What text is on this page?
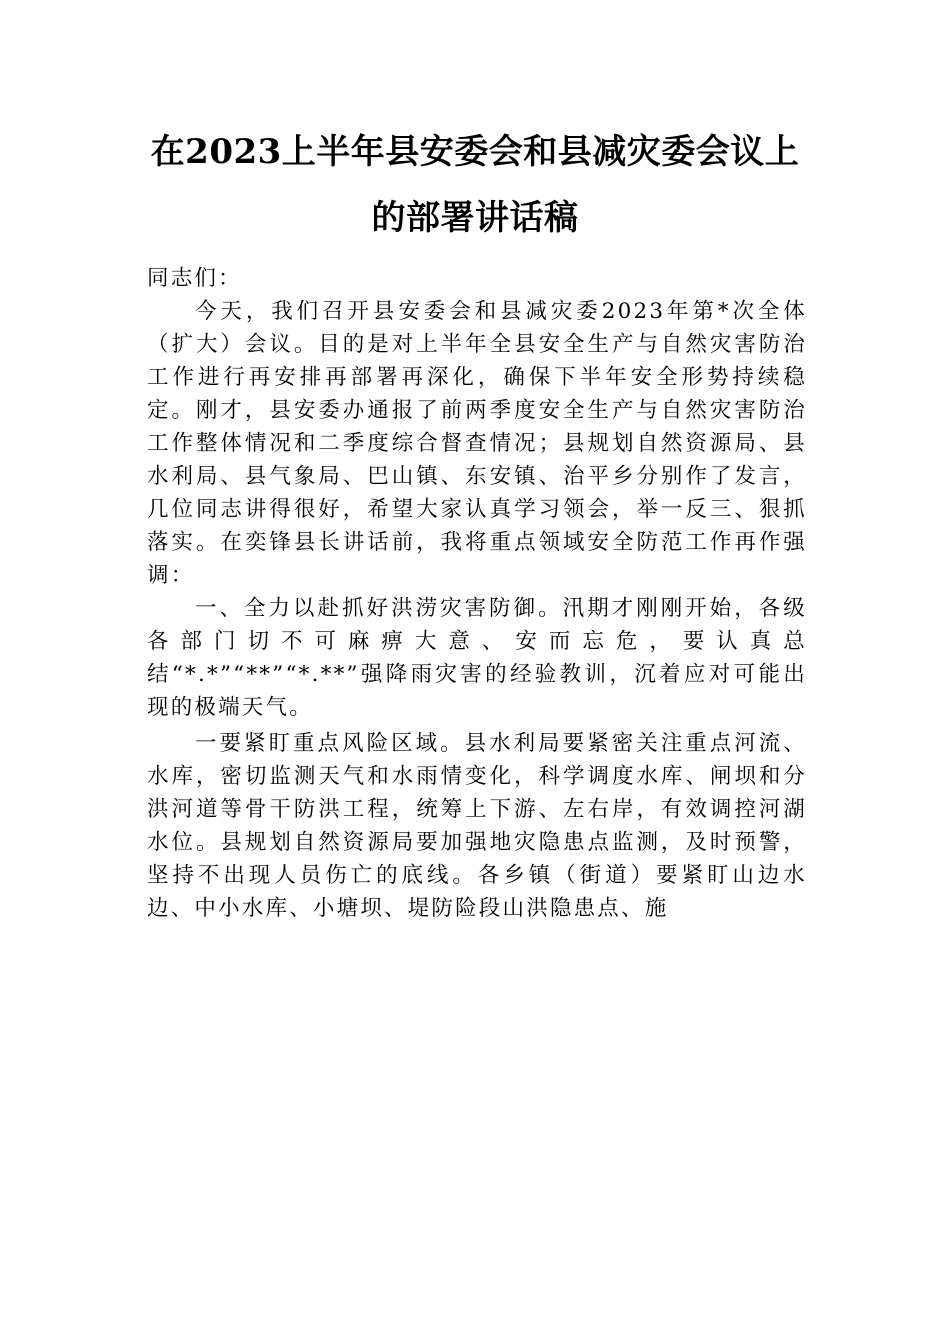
在2023上半年县安委会和县减灾委会议上
的部署讲话稿

同志们：

今天，我们召开县安委会和县减灾委2023年第*次全体（扩大）会议。目的是对上半年全县安全生产与自然灾害防治工作进行再安排再部署再深化，确保下半年安全形势持续稳定。刚才，县安委办通报了前两季度安全生产与自然灾害防治工作整体情况和二季度综合督查情况；县规划自然资源局、县水利局、县气象局、巴山镇、东安镇、治平乡分别作了发言，几位同志讲得很好，希望大家认真学习领会，举一反三、狠抓落实。在奕锋县长讲话前，我将重点领域安全防范工作再作强调：

一、全力以赴抓好洪涝灾害防御。汛期才刚刚开始，各级各部门切不可麻痹大意、安而忘危，要认真总结“*.*”“**”“*.**”强降雨灾害的经验教训，沉着应对可能出现的极端天气。

一要紧盯重点风险区域。县水利局要紧密关注重点河流、水库，密切监测天气和水雨情变化，科学调度水库、闸坝和分洪河道等骨干防洪工程，统筹上下游、左右岸，有效调控河湖水位。县规划自然资源局要加强地灾隐患点监测，及时预警，坚持不出现人员伤亡的底线。各乡镇（街道）要紧盯山边水边、中小水库、小塘坝、堤防险段山洪隐患点、施
